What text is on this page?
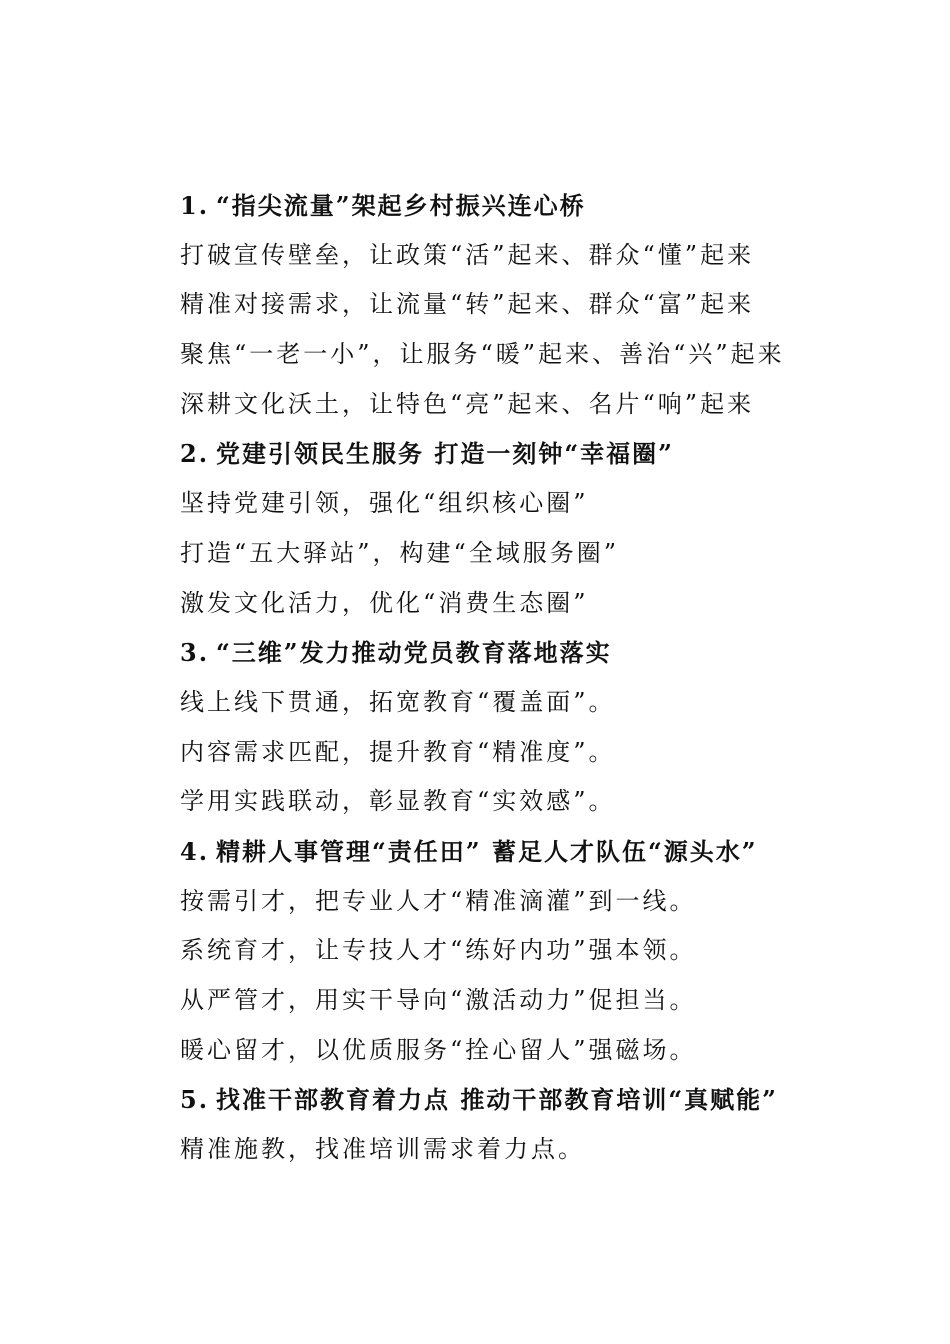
1. “指尖流量”架起乡村振兴连心桥
打破宣传壁垒，让政策“活”起来、群众“懂”起来
精准对接需求，让流量“转”起来、群众“富”起来
聚焦“一老一小”，让服务“暖”起来、善治“兴”起来
深耕文化沃土，让特色“亮”起来、名片“响”起来
2. 党建引领民生服务 打造一刻钟“幸福圈”
坚持党建引领，强化“组织核心圈”
打造“五大驿站”，构建“全域服务圈”
激发文化活力，优化“消费生态圈”
3. “三维”发力推动党员教育落地落实
线上线下贯通，拓宽教育“覆盖面”。
内容需求匹配，提升教育“精准度”。
学用实践联动，彰显教育“实效感”。
4. 精耕人事管理“责任田” 蓄足人才队伍“源头水”
按需引才，把专业人才“精准滴灌”到一线。
系统育才，让专技人才“练好内功”强本领。
从严管才，用实干导向“激活动力”促担当。
暖心留才，以优质服务“拴心留人”强磁场。
5. 找准干部教育着力点 推动干部教育培训“真赋能”
精准施教，找准培训需求着力点。
